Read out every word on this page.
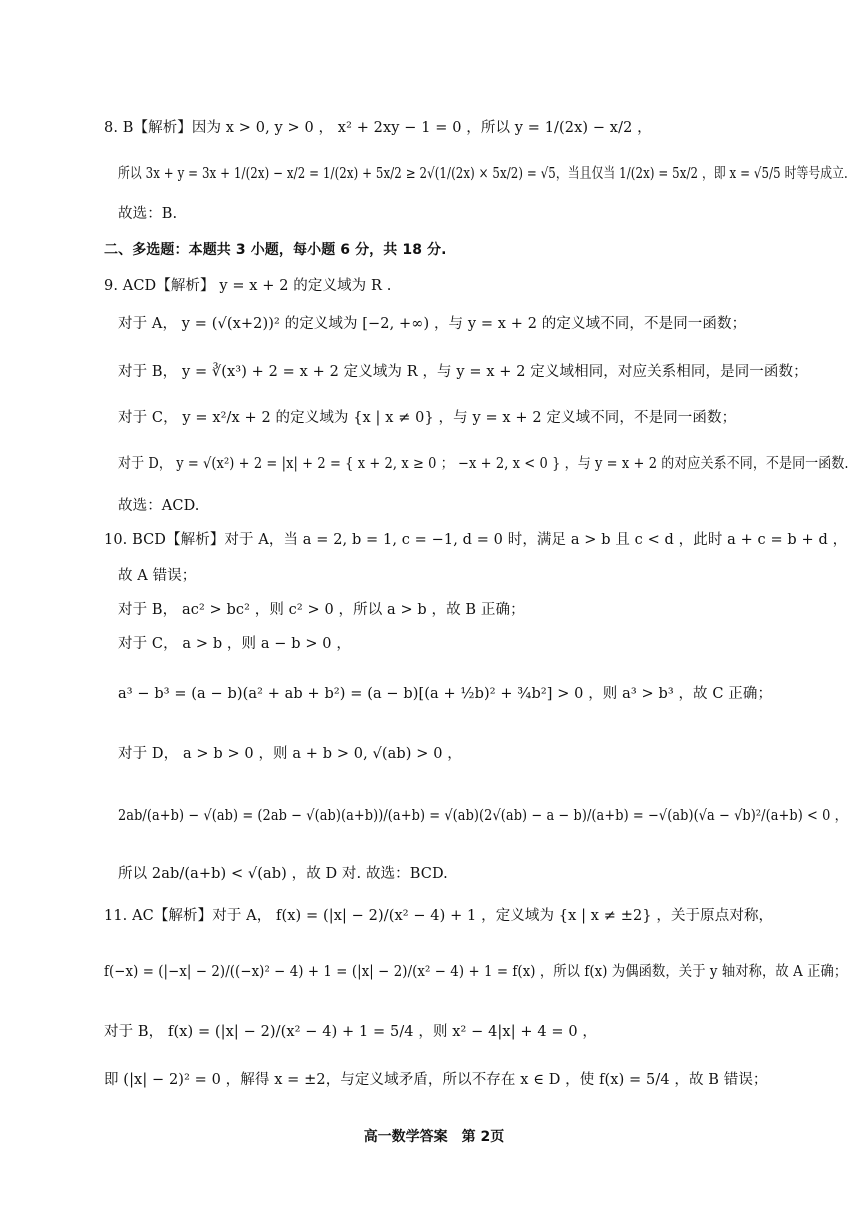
8. B【解析】因为 x > 0, y > 0 ， x² + 2xy − 1 = 0 ，所以 y = 1/(2x) − x/2 ，
所以 3x + y = 3x + 1/(2x) − x/2 = 1/(2x) + 5x/2 ≥ 2√(1/(2x) × 5x/2) = √5，当且仅当 1/(2x) = 5x/2 ，即 x = √5/5 时等号成立.
故选：B.
二、多选题：本题共 3 小题，每小题 6 分，共 18 分.
9. ACD【解析】 y = x + 2 的定义域为 R .
对于 A， y = (√(x+2))² 的定义域为 [−2, +∞) ，与 y = x + 2 的定义域不同，不是同一函数；
对于 B， y = ∛(x³) + 2 = x + 2 定义域为 R ，与 y = x + 2 定义域相同，对应关系相同，是同一函数；
对于 C， y = x²/x + 2 的定义域为 {x | x ≠ 0} ，与 y = x + 2 定义域不同，不是同一函数；
对于 D， y = √(x²) + 2 = |x| + 2 = { x + 2, x ≥ 0 ； −x + 2, x < 0 } ，与 y = x + 2 的对应关系不同，不是同一函数.
故选：ACD.
10. BCD【解析】对于 A，当 a = 2, b = 1, c = −1, d = 0 时，满足 a > b 且 c < d ，此时 a + c = b + d ，
故 A 错误；
对于 B， ac² > bc² ，则 c² > 0 ，所以 a > b ，故 B 正确；
对于 C， a > b ，则 a − b > 0 ，
a³ − b³ = (a − b)(a² + ab + b²) = (a − b)[(a + ½b)² + ¾b²] > 0 ，则 a³ > b³ ，故 C 正确；
对于 D， a > b > 0 ，则 a + b > 0, √(ab) > 0 ，
2ab/(a+b) − √(ab) = (2ab − √(ab)(a+b))/(a+b) = √(ab)(2√(ab) − a − b)/(a+b) = −√(ab)(√a − √b)²/(a+b) < 0 ，
所以 2ab/(a+b) < √(ab) ，故 D 对. 故选：BCD.
11. AC【解析】对于 A， f(x) = (|x| − 2)/(x² − 4) + 1 ，定义域为 {x | x ≠ ±2} ，关于原点对称，
f(−x) = (|−x| − 2)/((−x)² − 4) + 1 = (|x| − 2)/(x² − 4) + 1 = f(x) ，所以 f(x) 为偶函数，关于 y 轴对称，故 A 正确；
对于 B， f(x) = (|x| − 2)/(x² − 4) + 1 = 5/4 ，则 x² − 4|x| + 4 = 0 ，
即 (|x| − 2)² = 0 ，解得 x = ±2，与定义域矛盾，所以不存在 x ∈ D ，使 f(x) = 5/4 ，故 B 错误；
高一数学答案　第 2页
